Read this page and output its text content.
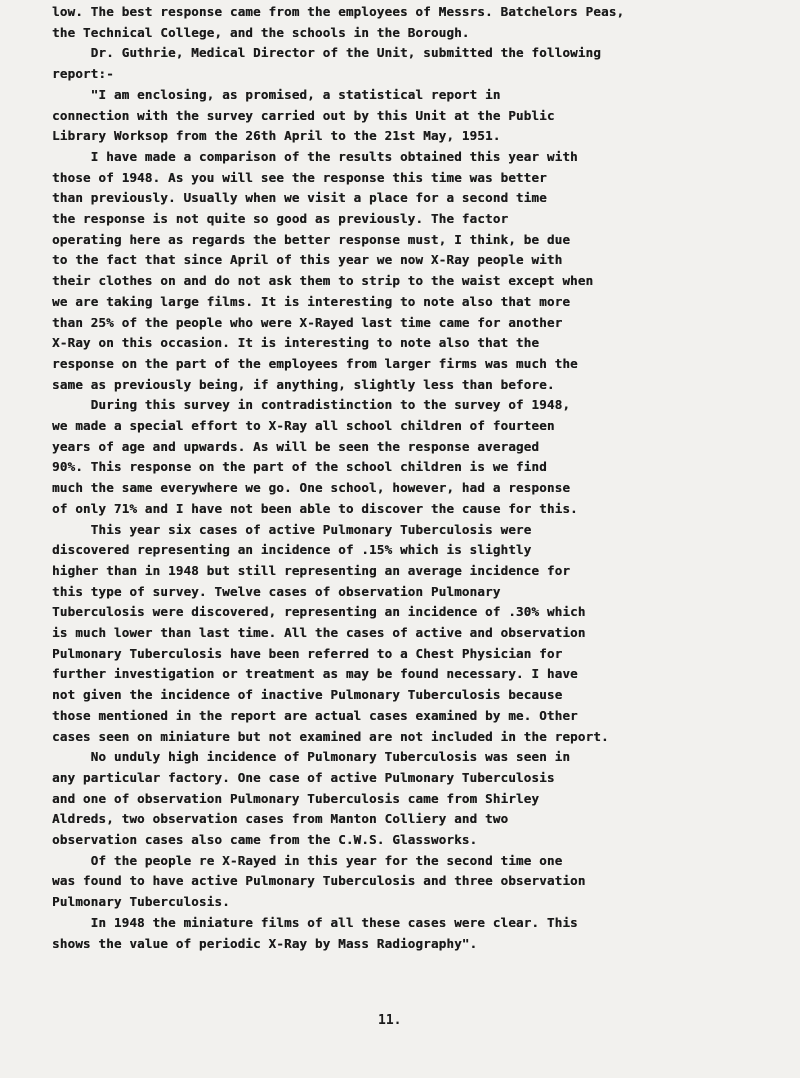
low. The best response came from the employees of Messrs. Batchelors Peas,
the Technical College, and the schools in the Borough.
Dr. Guthrie, Medical Director of the Unit, submitted the following
report:-
"I am enclosing, as promised, a statistical report in
connection with the survey carried out by this Unit at the Public
Library Worksop from the 26th April to the 21st May, 1951.
I have made a comparison of the results obtained this year with
those of 1948. As you will see the response this time was better
than previously. Usually when we visit a place for a second time
the response is not quite so good as previously. The factor
operating here as regards the better response must, I think, be due
to the fact that since April of this year we now X-Ray people with
their clothes on and do not ask them to strip to the waist except when
we are taking large films. It is interesting to note also that more
than 25% of the people who were X-Rayed last time came for another
X-Ray on this occasion. It is interesting to note also that the
response on the part of the employees from larger firms was much the
same as previously being, if anything, slightly less than before.
During this survey in contradistinction to the survey of 1948,
we made a special effort to X-Ray all school children of fourteen
years of age and upwards. As will be seen the response averaged
90%. This response on the part of the school children is we find
much the same everywhere we go. One school, however, had a response
of only 71% and I have not been able to discover the cause for this.
This year six cases of active Pulmonary Tuberculosis were
discovered representing an incidence of .15% which is slightly
higher than in 1948 but still representing an average incidence for
this type of survey. Twelve cases of observation Pulmonary
Tuberculosis were discovered, representing an incidence of .30% which
is much lower than last time. All the cases of active and observation
Pulmonary Tuberculosis have been referred to a Chest Physician for
further investigation or treatment as may be found necessary. I have
not given the incidence of inactive Pulmonary Tuberculosis because
those mentioned in the report are actual cases examined by me. Other
cases seen on miniature but not examined are not included in the report.
No unduly high incidence of Pulmonary Tuberculosis was seen in
any particular factory. One case of active Pulmonary Tuberculosis
and one of observation Pulmonary Tuberculosis came from Shirley
Aldreds, two observation cases from Manton Colliery and two
observation cases also came from the C.W.S. Glassworks.
Of the people re X-Rayed in this year for the second time one
was found to have active Pulmonary Tuberculosis and three observation
Pulmonary Tuberculosis.
In 1948 the miniature films of all these cases were clear. This
shows the value of periodic X-Ray by Mass Radiography".
11.
